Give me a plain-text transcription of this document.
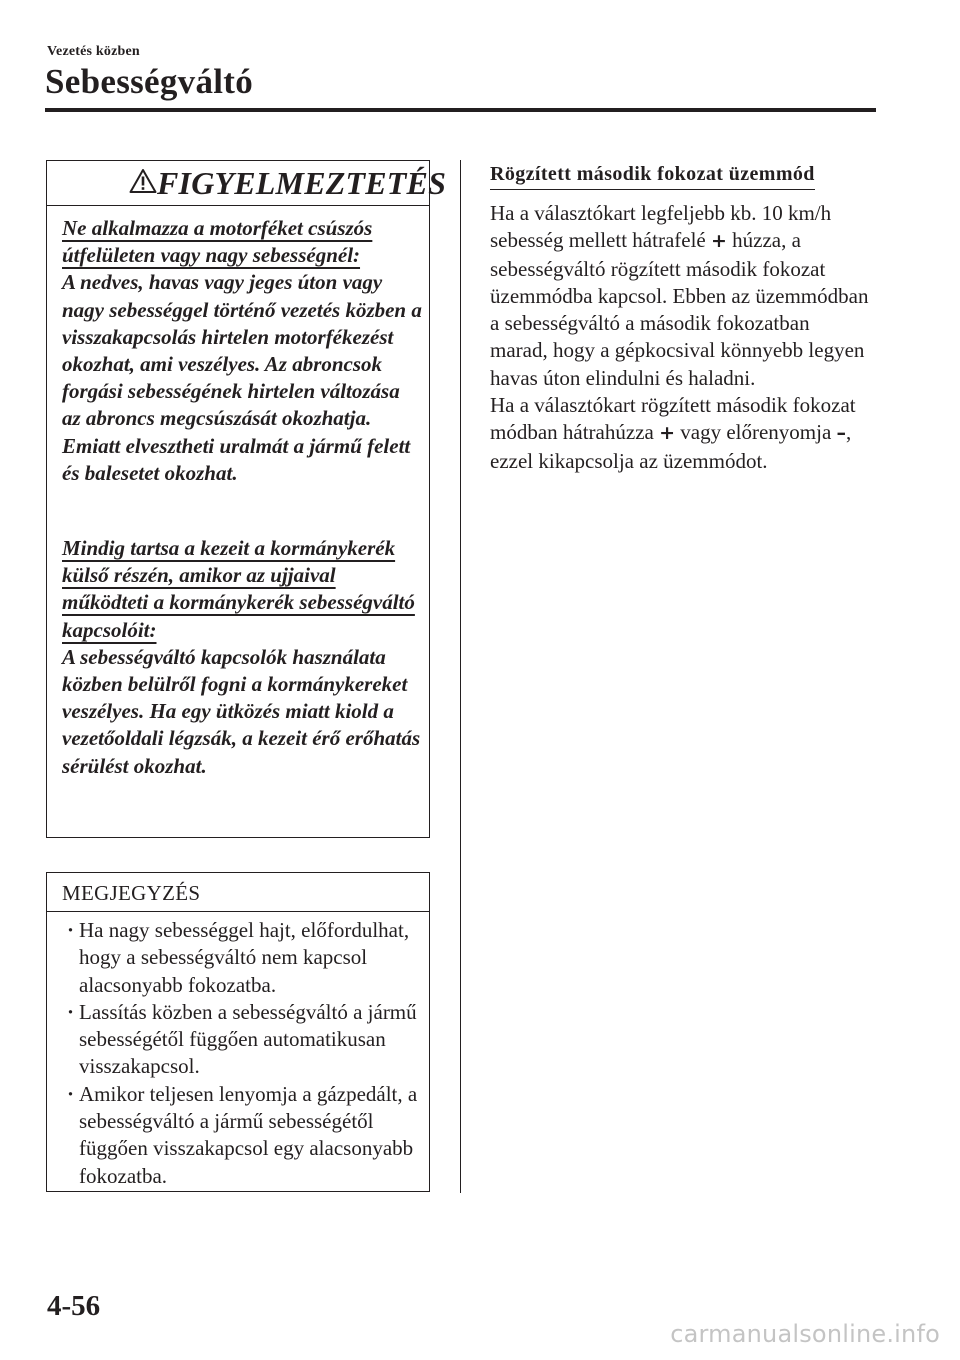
Vezetés közben
Sebességváltó
FIGYELMEZTETÉS

Ne alkalmazza a motorféket csúszós útfelületen vagy nagy sebességnél:
A nedves, havas vagy jeges úton vagy nagy sebességgel történő vezetés közben a visszakapcsolás hirtelen motorfékezést okozhat, ami veszélyes. Az abroncsok forgási sebességének hirtelen változása az abroncs megcsúszását okozhatja. Emiatt elvesztheti uralmát a jármű felett és balesetet okozhat.

Mindig tartsa a kezeit a kormánykerék külső részén, amikor az ujjaival működteti a kormánykerék sebességváltó kapcsolóit:
A sebességváltó kapcsolók használata közben belülről fogni a kormánykereket veszélyes. Ha egy ütközés miatt kiold a vezetőoldali légzsák, a kezeit érő erőhatás sérülést okozhat.

MEGJEGYZÉS
· Ha nagy sebességgel hajt, előfordulhat, hogy a sebességváltó nem kapcsol alacsonyabb fokozatba.
· Lassítás közben a sebességváltó a jármű sebességétől függően automatikusan visszakapcsol.
· Amikor teljesen lenyomja a gázpedált, a sebességváltó a jármű sebességétől függően visszakapcsol egy alacsonyabb fokozatba.
Rögzített második fokozat üzemmód

Ha a választókart legfeljebb kb. 10 km/h sebesség mellett hátrafelé + húzza, a sebességváltó rögzített második fokozat üzemmódba kapcsol. Ebben az üzemmódban a sebességváltó a második fokozatban marad, hogy a gépkocsival könnyebb legyen havas úton elindulni és haladni.
Ha a választókart rögzített második fokozat módban hátrahúzza + vagy előrenyomja –, ezzel kikapcsolja az üzemmódot.

4-56
carmanualsonline.info
